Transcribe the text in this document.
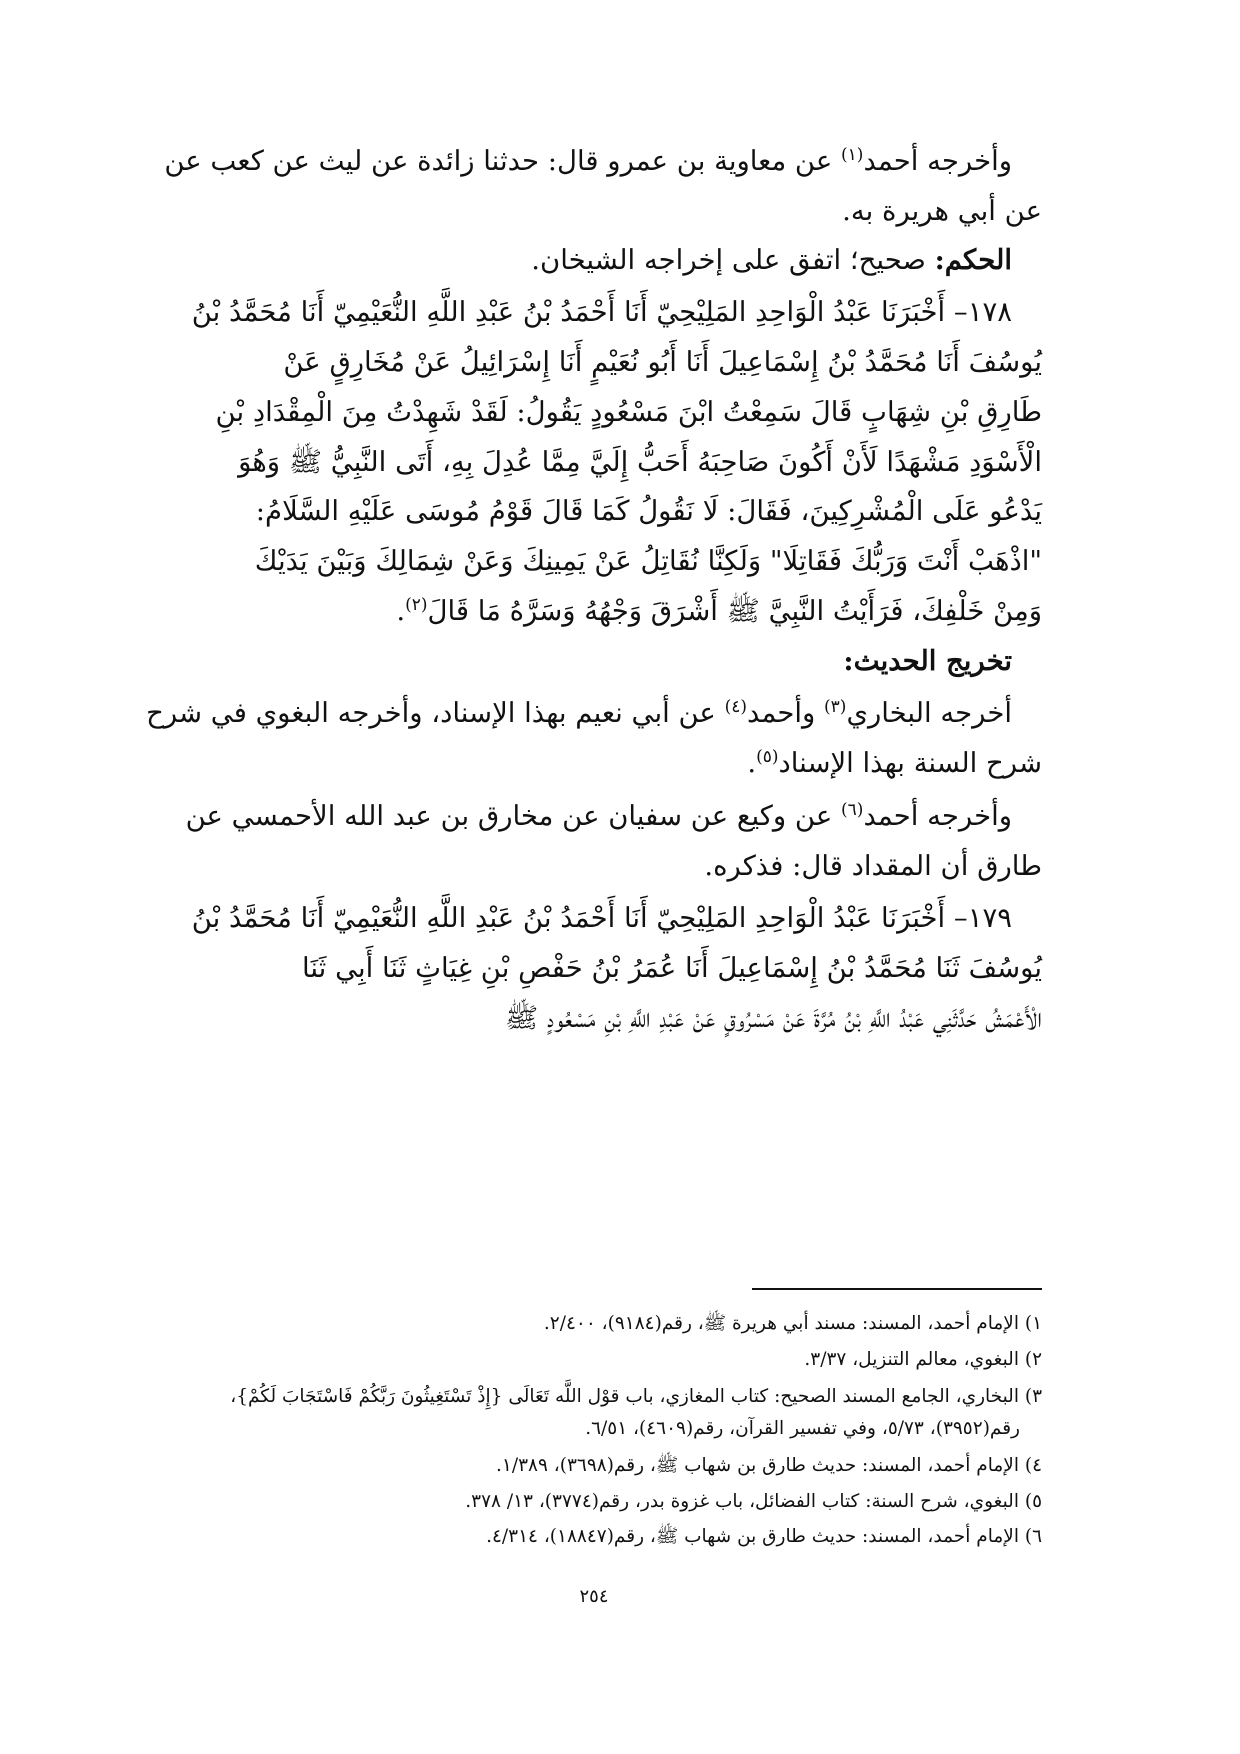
وأخرجه أحمد$^{(١)}$ عن معاوية بن عمرو قال: حدثنا زائدة عن ليث عن كعب عن
عن أبي هريرة به.
الحكم: صحيح؛ اتفق على إخراجه الشيخان.
١٧٨– أَخْبَرَنَا عَبْدُ الْوَاحِدِ المَلِيْحِيّ أَنَا أَحْمَدُ بْنُ عَبْدِ اللَّهِ النُّعَيْمِيّ أَنَا مُحَمَّدُ بْنُ
يُوسُفَ أَنَا مُحَمَّدُ بْنُ إِسْمَاعِيلَ أَنَا أَبُو نُعَيْمٍ أَنَا إِسْرَائِيلُ عَنْ مُخَارِقٍ عَنْ
طَارِقِ بْنِ شِهَابٍ قَالَ سَمِعْتُ ابْنَ مَسْعُودٍ يَقُولُ: لَقَدْ شَهِدْتُ مِنَ الْمِقْدَادِ بْنِ
الْأَسْوَدِ مَشْهَدًا لَأَنْ أَكُونَ صَاحِبَهُ أَحَبُّ إِلَيَّ مِمَّا عُدِلَ بِهِ، أَتَى النَّبِيُّ ﷺ وَهُوَ
يَدْعُو عَلَى الْمُشْرِكِينَ، فَقَالَ: لَا نَقُولُ كَمَا قَالَ قَوْمُ مُوسَى عَلَيْهِ السَّلَامُ:
"اذْهَبْ أَنْتَ وَرَبُّكَ فَقَاتِلَا" وَلَكِنَّا نُقَاتِلُ عَنْ يَمِينِكَ وَعَنْ شِمَالِكَ وَبَيْنَ يَدَيْكَ
وَمِنْ خَلْفِكَ، فَرَأَيْتُ النَّبِيَّ ﷺ أَشْرَقَ وَجْهُهُ وَسَرَّهُ مَا قَالَ$^{(٢)}$.
تخريج الحديث:
أخرجه البخاري$^{(٣)}$ وأحمد$^{(٤)}$ عن أبي نعيم بهذا الإسناد، وأخرجه البغوي في شرح
شرح السنة بهذا الإسناد$^{(٥)}$.
وأخرجه أحمد$^{(٦)}$ عن وكيع عن سفيان عن مخارق بن عبد الله الأحمسي عن
طارق أن المقداد قال: فذكره.
١٧٩– أَخْبَرَنَا عَبْدُ الْوَاحِدِ المَلِيْحِيّ أَنَا أَحْمَدُ بْنُ عَبْدِ اللَّهِ النُّعَيْمِيّ أَنَا مُحَمَّدُ بْنُ
يُوسُفَ ثَنَا مُحَمَّدُ بْنُ إِسْمَاعِيلَ أَنَا عُمَرُ بْنُ حَفْصِ بْنِ غِيَاثٍ ثَنَا أَبِي ثَنَا
الْأَعْمَشُ حَدَّثَنِي عَبْدُ اللَّهِ بْنُ مُرَّةَ عَنْ مَسْرُوقٍ عَنْ عَبْدِ اللَّهِ بْنِ مَسْعُودٍ ﷺ
١) الإمام أحمد، المسند: مسند أبي هريرة ﷺ، رقم(٩١٨٤)، ٢/٤٠٠.
٢) البغوي، معالم التنزيل، ٣/٣٧.
٣) البخاري، الجامع المسند الصحيح: كتاب المغازي، باب قوْل اللَّه تَعَالَى {إِذْ تَسْتَغِيثُونَ رَبَّكُمْ فَاسْتَجَابَ لَكُمْ}،
رقم(٣٩٥٢)، ٥/٧٣، وفي تفسير القرآن، رقم(٤٦٠٩)، ٦/٥١.
٤) الإمام أحمد، المسند: حديث طارق بن شهاب ﷺ، رقم(٣٦٩٨)، ١/٣٨٩.
٥) البغوي، شرح السنة: كتاب الفضائل، باب غزوة بدر، رقم(٣٧٧٤)، ١٣/ ٣٧٨.
٦) الإمام أحمد، المسند: حديث طارق بن شهاب ﷺ، رقم(١٨٨٤٧)، ٤/٣١٤.
٢٥٤
